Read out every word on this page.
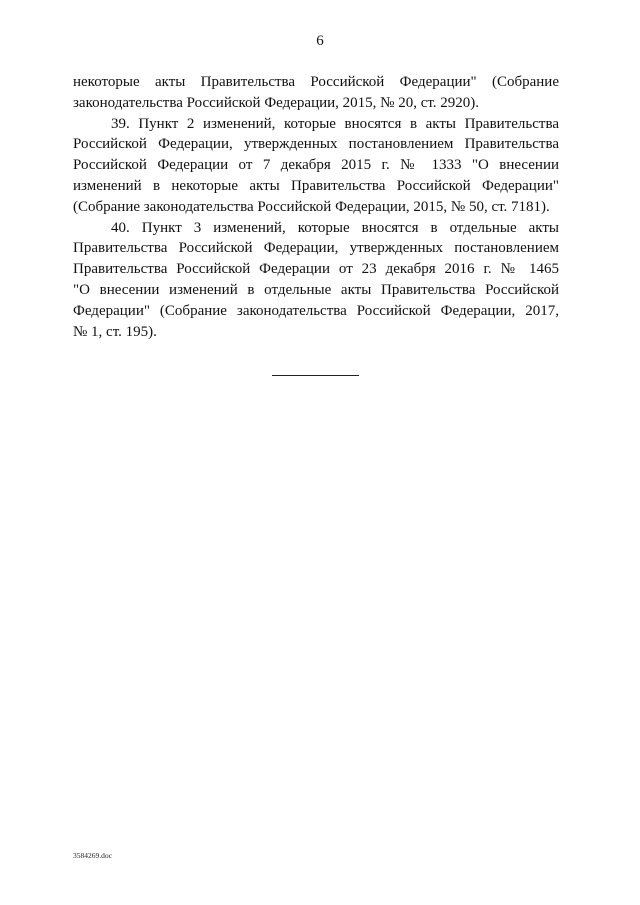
6
некоторые акты Правительства Российской Федерации" (Собрание
законодательства Российской Федерации, 2015, № 20, ст. 2920).
39. Пункт 2 изменений, которые вносятся в акты Правительства
Российской Федерации, утвержденных постановлением Правительства
Российской Федерации от 7 декабря 2015 г. № 1333 "О внесении
изменений в некоторые акты Правительства Российской Федерации"
(Собрание законодательства Российской Федерации, 2015, № 50, ст. 7181).
40. Пункт 3 изменений, которые вносятся в отдельные акты
Правительства Российской Федерации, утвержденных постановлением
Правительства Российской Федерации от 23 декабря 2016 г. № 1465
"О внесении изменений в отдельные акты Правительства Российской
Федерации" (Собрание законодательства Российской Федерации, 2017,
№ 1, ст. 195).
3584269.doc
